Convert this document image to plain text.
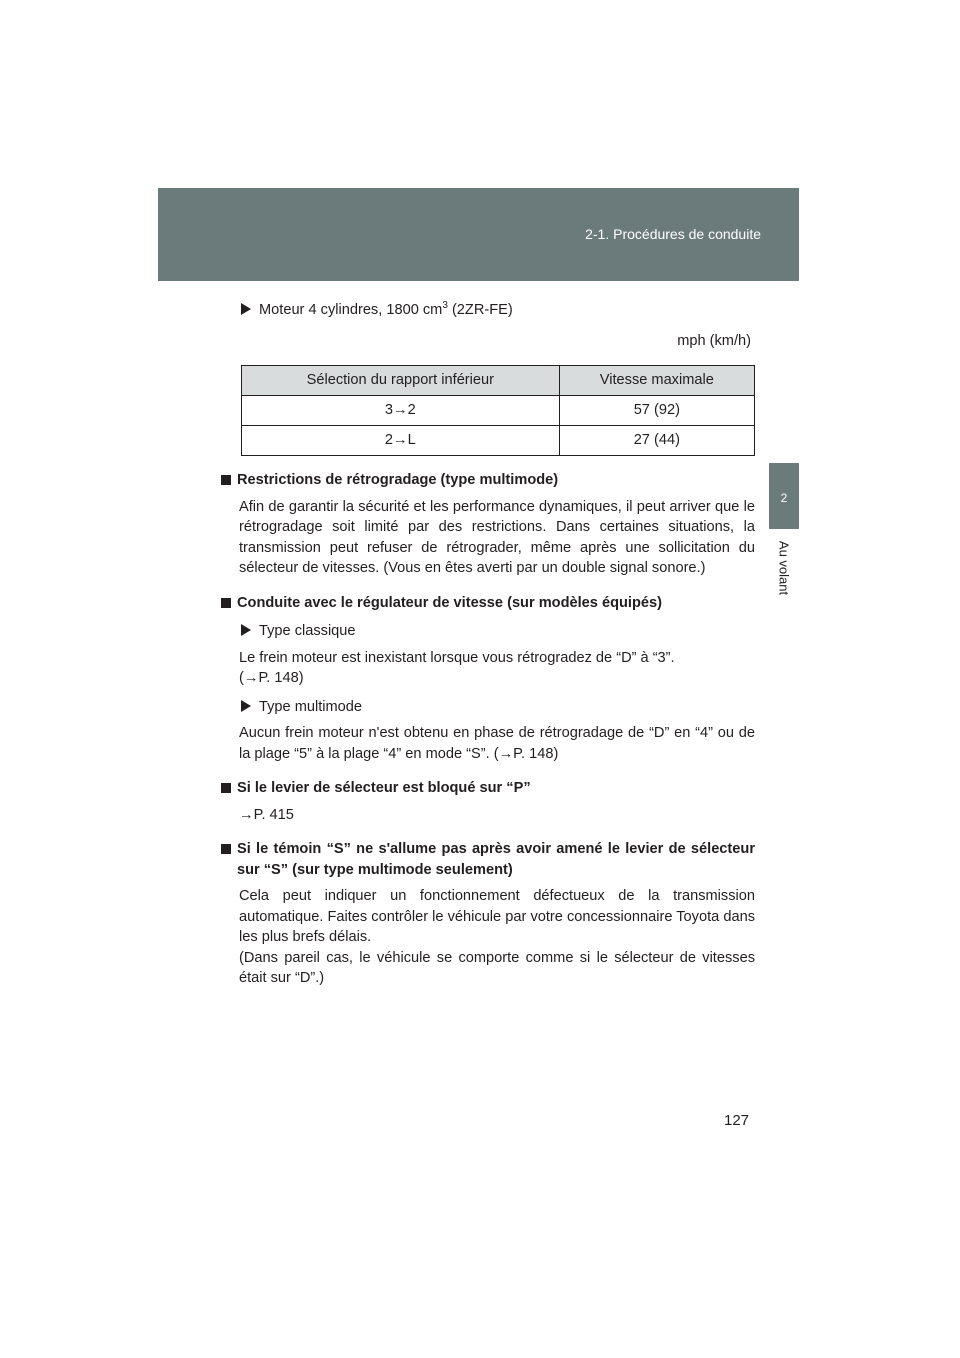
2-1. Procédures de conduite
2
Au volant
Moteur 4 cylindres, 1800 $cm^3$ (2ZR-FE)
mph (km/h)
Sélection du rapport inférieur	Vitesse maximale
3→2	57 (92)
2→L	27 (44)
Restrictions de rétrogradage (type multimode)
Afin de garantir la sécurité et les performance dynamiques, il peut arriver que le rétrogradage soit limité par des restrictions. Dans certaines situations, la transmission peut refuser de rétrograder, même après une sollicitation du sélecteur de vitesses. (Vous en êtes averti par un double signal sonore.)
Conduite avec le régulateur de vitesse (sur modèles équipés)
Type classique
Le frein moteur est inexistant lorsque vous rétrogradez de “D” à “3”.
(→P. 148)
Type multimode
Aucun frein moteur n'est obtenu en phase de rétrogradage de “D” en “4” ou de la plage “5” à la plage “4” en mode “S”. (→P. 148)
Si le levier de sélecteur est bloqué sur “P”
→P. 415
Si le témoin “S” ne s'allume pas après avoir amené le levier de sélecteur sur “S” (sur type multimode seulement)
Cela peut indiquer un fonctionnement défectueux de la transmission automatique. Faites contrôler le véhicule par votre concessionnaire Toyota dans les plus brefs délais.
(Dans pareil cas, le véhicule se comporte comme si le sélecteur de vitesses était sur “D”.)
127
